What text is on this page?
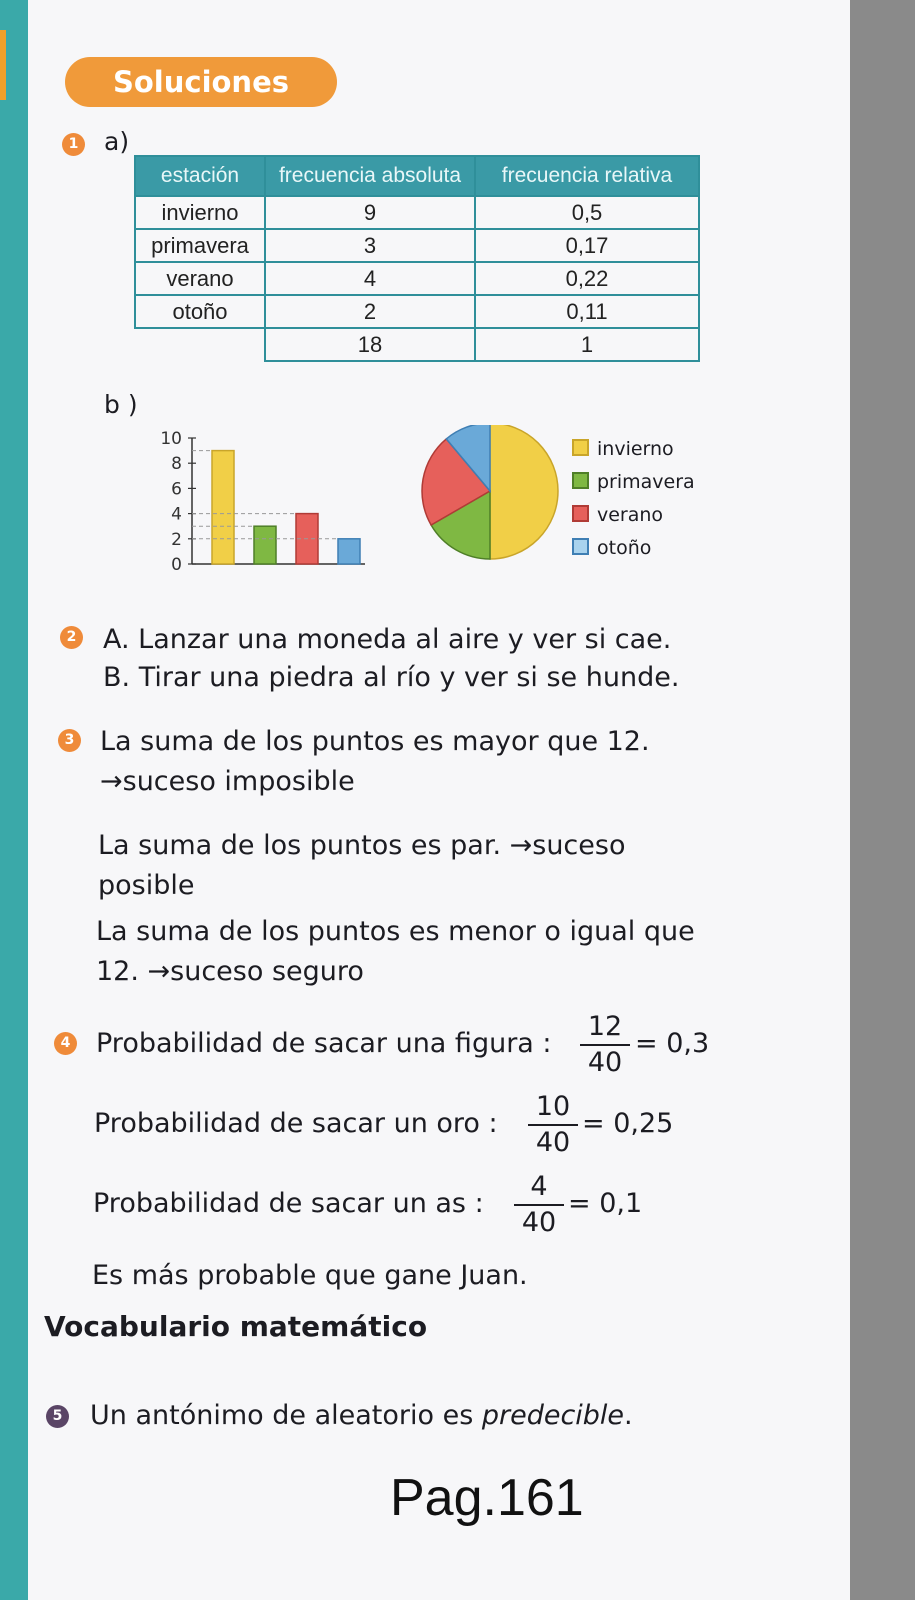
Soluciones
1 a)
estación	frecuencia absoluta	frecuencia relativa
invierno	9	0,5
primavera	3	0,17
verano	4	0,22
otoño	2	0,11
	18	1
b )
0
2
4
6
8
10	invierno
primavera
verano
otoño
2 A. Lanzar una moneda al aire y ver si cae.
B. Tirar una piedra al río y ver si se hunde.
3 La suma de los puntos es mayor que 12.
→suceso imposible
La suma de los puntos es par. →suceso
posible
La suma de los puntos es menor o igual que
12. →suceso seguro
4 Probabilidad de sacar una figura : $\frac{12}{40} = 0,3$
Probabilidad de sacar un oro : $\frac{10}{40} = 0,25$
Probabilidad de sacar un as : $\frac{4}{40} = 0,1$
Es más probable que gane Juan.
Vocabulario matemático
5 Un antónimo de aleatorio es predecible.
Pag.161
